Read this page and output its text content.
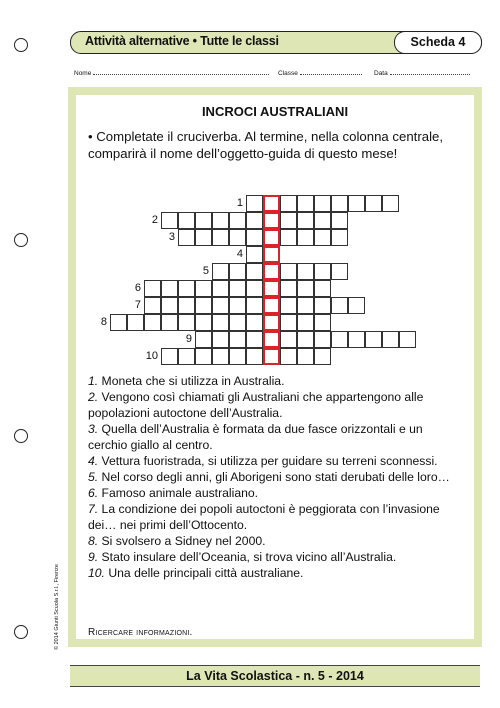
Attività alternative • Tutte le classi	Scheda 4
Nome	Classe	Data
INCROCI AUSTRALIANI
• Completate il cruciverba. Al termine, nella colonna centrale, comparirà il nome dell’oggetto-guida di questo mese!
1
2
3
4
5
6
7
8
9
10

1. Moneta che si utilizza in Australia.

2. Vengono così chiamati gli Australiani che appartengono alle popolazioni autoctone dell’Australia.

3. Quella dell’Australia è formata da due fasce orizzontali e un cerchio giallo al centro.

4. Vettura fuoristrada, si utilizza per guidare su terreni sconnessi.

5. Nel corso degli anni, gli Aborigeni sono stati derubati delle loro…

6. Famoso animale australiano.

7. La condizione dei popoli autoctoni è peggiorata con l’invasione dei… nei primi dell’Ottocento.

8. Si svolsero a Sidney nel 2000.

9. Stato insulare dell’Oceania, si trova vicino all’Australia.

10. Una delle principali città australiane.

Ricercare informazioni.
© 2014 Giunti Scuola S.r.l., Firenze
La Vita Scolastica - n. 5 - 2014
